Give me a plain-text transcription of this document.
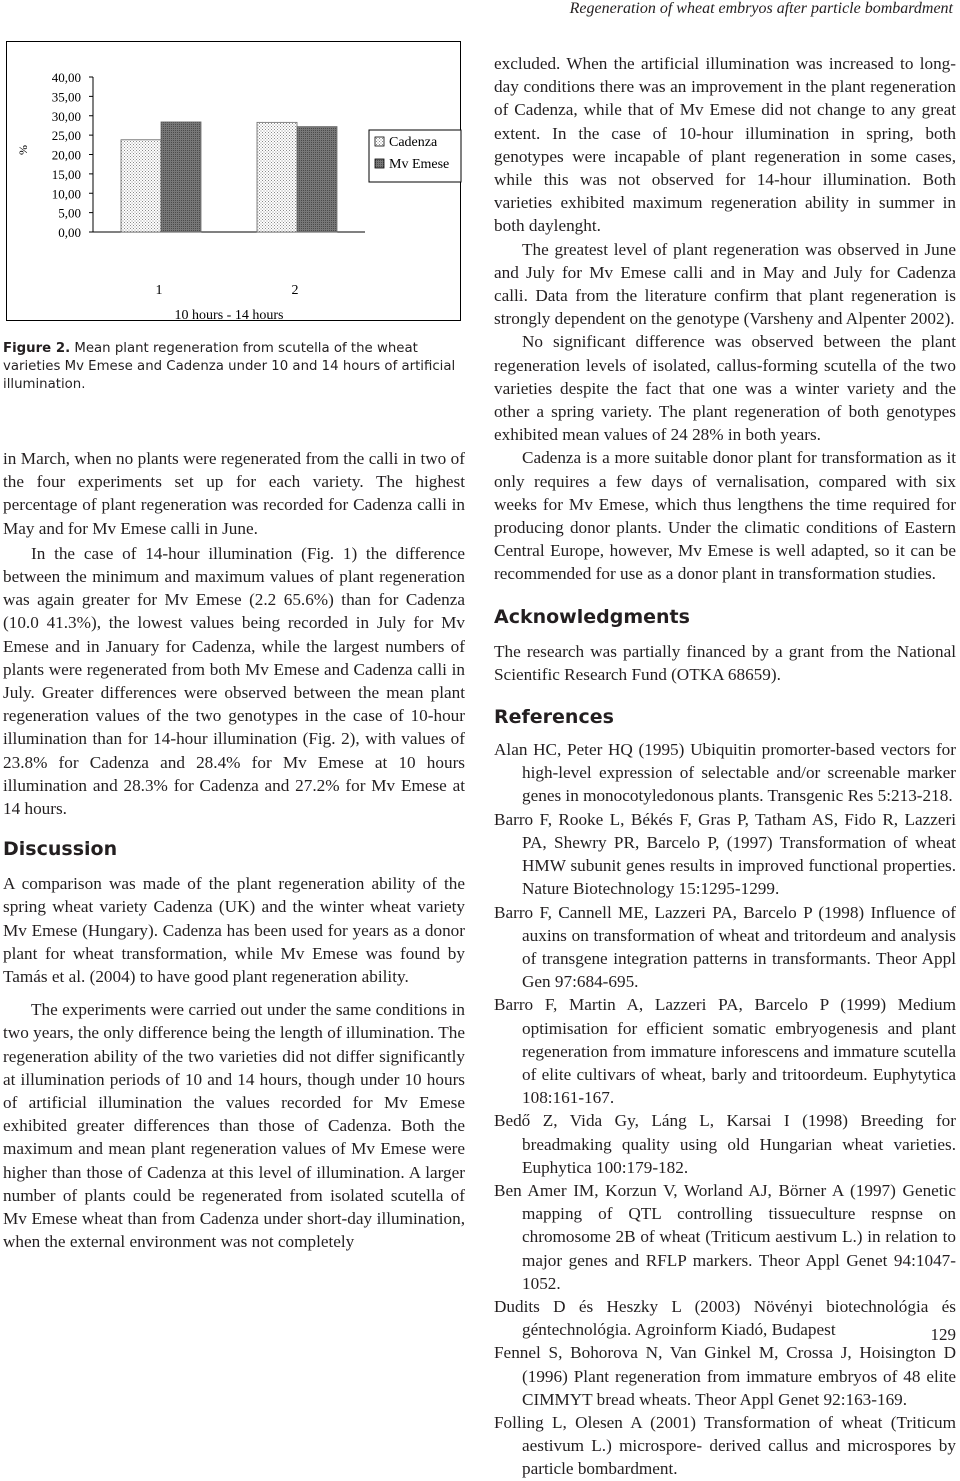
Regeneration of wheat embryos after particle bombardment
%
40,00
35,00
30,00
25,00
20,00
15,00
10,00
5,00
0,00
1	2
10 hours - 14 hours
Cadenza
Mv Emese
Figure 2. Mean plant regeneration from scutella of the wheat varieties Mv Emese and Cadenza under 10 and 14 hours of artificial illumination.

in March, when no plants were regenerated from the calli in two of the four experiments set up for each variety. The highest percentage of plant regeneration was recorded for Cadenza calli in May and for Mv Emese calli in June.

In the case of 14-hour illumination (Fig. 1) the difference between the minimum and maximum values of plant regeneration was again greater for Mv Emese (2.2 65.6%) than for Cadenza (10.0 41.3%), the lowest values being recorded in July for Mv Emese and in January for Cadenza, while the largest numbers of plants were regenerated from both Mv Emese and Cadenza calli in July. Greater differences were observed between the mean plant regeneration values of the two genotypes in the case of 10-hour illumination than for 14-hour illumination (Fig. 2), with values of 23.8% for Cadenza and 28.4% for Mv Emese at 10 hours illumination and 28.3% for Cadenza and 27.2% for Mv Emese at 14 hours.

Discussion

A comparison was made of the plant regeneration ability of the spring wheat variety Cadenza (UK) and the winter wheat variety Mv Emese (Hungary). Cadenza has been used for years as a donor plant for wheat transformation, while Mv Emese was found by Tamás et al. (2004) to have good plant regeneration ability.

The experiments were carried out under the same conditions in two years, the only difference being the length of illumination. The regeneration ability of the two varieties did not differ significantly at illumination periods of 10 and 14 hours, though under 10 hours of artificial illumination the values recorded for Mv Emese exhibited greater differences than those of Cadenza. Both the maximum and mean plant regeneration values of Mv Emese were higher than those of Cadenza at this level of illumination. A larger number of plants could be regenerated from isolated scutella of Mv Emese wheat than from Cadenza under short-day illumination, when the external environment was not completely

excluded. When the artificial illumination was increased to long-day conditions there was an improvement in the plant regeneration of Cadenza, while that of Mv Emese did not change to any great extent. In the case of 10-hour illumination in spring, both genotypes were incapable of plant regeneration in some cases, while this was not observed for 14-hour illumination. Both varieties exhibited maximum regeneration ability in summer in both daylenght.

The greatest level of plant regeneration was observed in June and July for Mv Emese calli and in May and July for Cadenza calli. Data from the literature confirm that plant regeneration is strongly dependent on the genotype (Varsheny and Alpenter 2002).

No significant difference was observed between the plant regeneration levels of isolated, callus-forming scutella of the two varieties despite the fact that one was a winter variety and the other a spring variety. The plant regeneration of both genotypes exhibited mean values of 24 28% in both years.

Cadenza is a more suitable donor plant for transformation as it only requires a few days of vernalisation, compared with six weeks for Mv Emese, which thus lengthens the time required for producing donor plants. Under the climatic conditions of Eastern Central Europe, however, Mv Emese is well adapted, so it can be recommended for use as a donor plant in transformation studies.

Acknowledgments

The research was partially financed by a grant from the National Scientific Research Fund (OTKA 68659).

References

Alan HC, Peter HQ (1995) Ubiquitin promorter-based vectors for high-level expression of selectable and/or screenable marker genes in monocotyledonous plants. Transgenic Res 5:213-218.

Barro F, Rooke L, Békés F, Gras P, Tatham AS, Fido R, Lazzeri PA, Shewry PR, Barcelo P, (1997) Transformation of wheat HMW subunit genes results in improved functional properties. Nature Biotechnology 15:1295-1299.

Barro F, Cannell ME, Lazzeri PA, Barcelo P (1998) Influence of auxins on transformation of wheat and tritordeum and analysis of transgene integration patterns in transformants. Theor Appl Gen 97:684-695.

Barro F, Martin A, Lazzeri PA, Barcelo P (1999) Medium optimisation for efficient somatic embryogenesis and plant regeneration from immature inforescens and immature scutella of elite cultivars of wheat, barly and tritoordeum. Euphytytica 108:161-167.

Bedő Z, Vida Gy, Láng L, Karsai I (1998) Breeding for breadmaking quality using old Hungarian wheat varieties. Euphytica 100:179-182.

Ben Amer IM, Korzun V, Worland AJ, Börner A (1997) Genetic mapping of QTL controlling tissueculture respnse on chromosome 2B of wheat (Triticum aestivum L.) in relation to major genes and RFLP markers. Theor Appl Genet 94:1047-1052.

Dudits D és Heszky L (2003) Növényi biotechnológia és géntechnológia. Agroinform Kiadó, Budapest

Fennel S, Bohorova N, Van Ginkel M, Crossa J, Hoisington D (1996) Plant regeneration from immature embryos of 48 elite CIMMYT bread wheats. Theor Appl Genet 92:163-169.

Folling L, Olesen A (2001) Transformation of wheat (Triticum aestivum L.) microspore- derived callus and microspores by particle bombardment.

129
